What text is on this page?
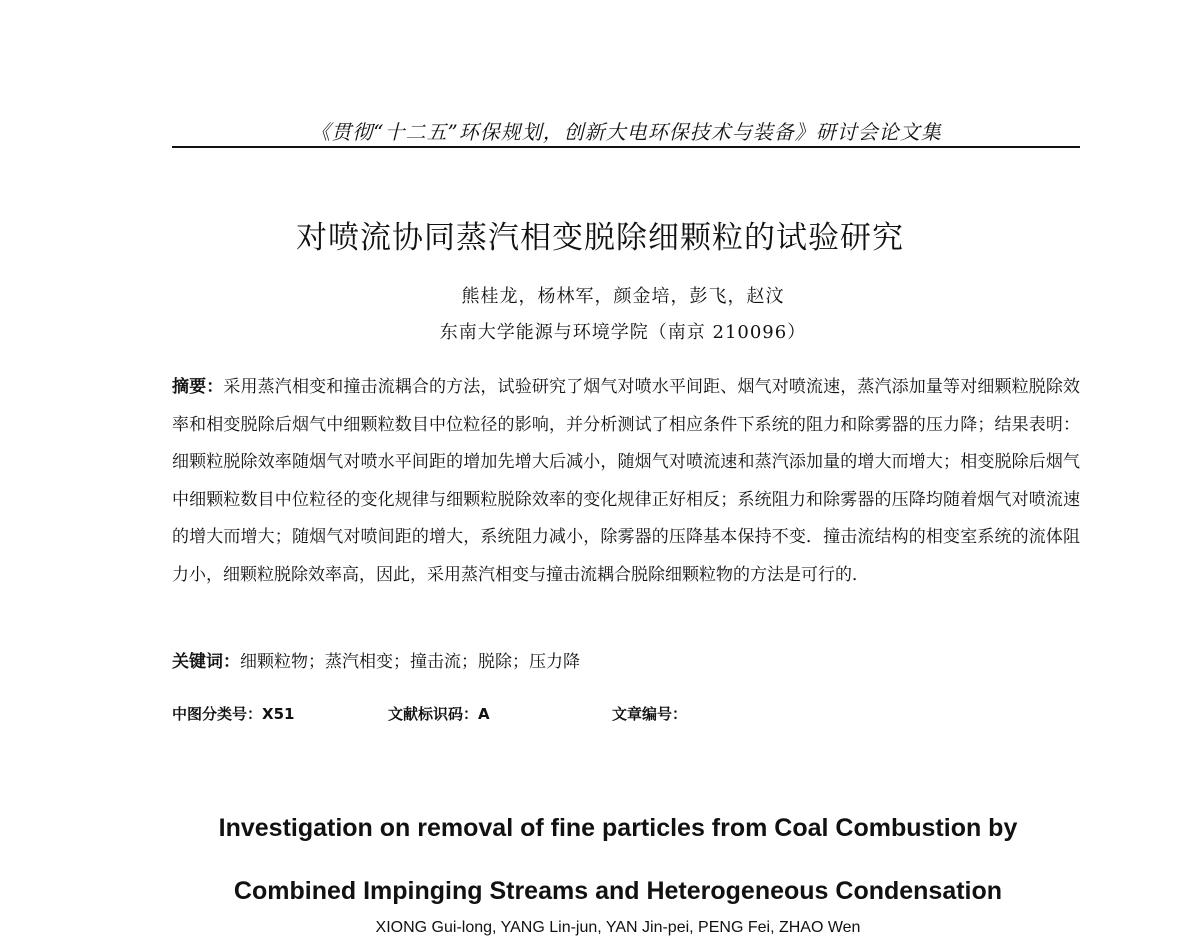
《贯彻“十二五”环保规划，创新大电环保技术与装备》研讨会论文集
对喷流协同蒸汽相变脱除细颗粒的试验研究
熊桂龙，杨林军，颜金培，彭飞，赵汶
东南大学能源与环境学院（南京 210096）
摘要：采用蒸汽相变和撞击流耦合的方法，试验研究了烟气对喷水平间距、烟气对喷流速，蒸汽添加量等对细颗粒脱除效率和相变脱除后烟气中细颗粒数目中位粒径的影响，并分析测试了相应条件下系统的阻力和除雾器的压力降；结果表明：细颗粒脱除效率随烟气对喷水平间距的增加先增大后减小，随烟气对喷流速和蒸汽添加量的增大而增大；相变脱除后烟气中细颗粒数目中位粒径的变化规律与细颗粒脱除效率的变化规律正好相反；系统阻力和除雾器的压降均随着烟气对喷流速的增大而增大；随烟气对喷间距的增大，系统阻力减小，除雾器的压降基本保持不变．撞击流结构的相变室系统的流体阻力小，细颗粒脱除效率高，因此，采用蒸汽相变与撞击流耦合脱除细颗粒物的方法是可行的．
关键词：细颗粒物；蒸汽相变；撞击流；脱除；压力降
中图分类号：X51	文献标识码：A	文章编号：
Investigation on removal of fine particles from Coal Combustion by
Combined Impinging Streams and Heterogeneous Condensation
XIONG Gui-long, YANG Lin-jun, YAN Jin-pei, PENG Fei, ZHAO Wen
